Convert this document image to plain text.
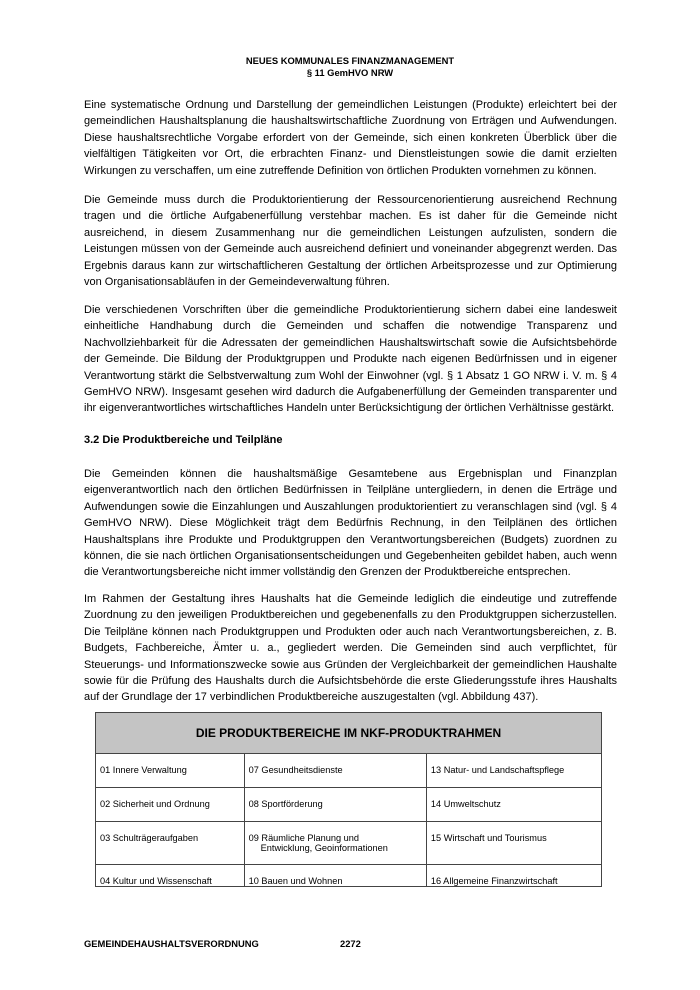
NEUES KOMMUNALES FINANZMANAGEMENT
§ 11 GemHVO NRW

Eine systematische Ordnung und Darstellung der gemeindlichen Leistungen (Produkte) erleichtert bei der gemeindlichen Haushaltsplanung die haushaltswirtschaftliche Zuordnung von Erträgen und Aufwendungen. Diese haushaltsrechtliche Vorgabe erfordert von der Gemeinde, sich einen konkreten Überblick über die vielfältigen Tätigkeiten vor Ort, die erbrachten Finanz- und Dienstleistungen sowie die damit erzielten Wirkungen zu verschaffen, um eine zutreffende Definition von örtlichen Produkten vornehmen zu können.

Die Gemeinde muss durch die Produktorientierung der Ressourcenorientierung ausreichend Rechnung tragen und die örtliche Aufgabenerfüllung verstehbar machen. Es ist daher für die Gemeinde nicht ausreichend, in diesem Zusammenhang nur die gemeindlichen Leistungen aufzulisten, sondern die Leistungen müssen von der Gemeinde auch ausreichend definiert und voneinander abgegrenzt werden. Das Ergebnis daraus kann zur wirtschaftlicheren Gestaltung der örtlichen Arbeitsprozesse und zur Optimierung von Organisationsabläufen in der Gemeindeverwaltung führen.

Die verschiedenen Vorschriften über die gemeindliche Produktorientierung sichern dabei eine landesweit einheitliche Handhabung durch die Gemeinden und schaffen die notwendige Transparenz und Nachvollziehbarkeit für die Adressaten der gemeindlichen Haushaltswirtschaft sowie die Aufsichtsbehörde der Gemeinde. Die Bildung der Produktgruppen und Produkte nach eigenen Bedürfnissen und in eigener Verantwortung stärkt die Selbstverwaltung zum Wohl der Einwohner (vgl. § 1 Absatz 1 GO NRW i. V. m. § 4 GemHVO NRW). Insgesamt gesehen wird dadurch die Aufgabenerfüllung der Gemeinden transparenter und ihr eigenverantwortliches wirtschaftliches Handeln unter Berücksichtigung der örtlichen Verhältnisse gestärkt.

3.2 Die Produktbereiche und Teilpläne

Die Gemeinden können die haushaltsmäßige Gesamtebene aus Ergebnisplan und Finanzplan eigenverantwortlich nach den örtlichen Bedürfnissen in Teilpläne untergliedern, in denen die Erträge und Aufwendungen sowie die Einzahlungen und Auszahlungen produktorientiert zu veranschlagen sind (vgl. § 4 GemHVO NRW). Diese Möglichkeit trägt dem Bedürfnis Rechnung, in den Teilplänen des örtlichen Haushaltsplans ihre Produkte und Produktgruppen den Verantwortungsbereichen (Budgets) zuordnen zu können, die sie nach örtlichen Organisationsentscheidungen und Gegebenheiten gebildet haben, auch wenn die Verantwortungsbereiche nicht immer vollständig den Grenzen der Produktbereiche entsprechen.

Im Rahmen der Gestaltung ihres Haushalts hat die Gemeinde lediglich die eindeutige und zutreffende Zuordnung zu den jeweiligen Produktbereichen und gegebenenfalls zu den Produktgruppen sicherzustellen. Die Teilpläne können nach Produktgruppen und Produkten oder auch nach Verantwortungsbereichen, z. B. Budgets, Fachbereiche, Ämter u. a., gegliedert werden. Die Gemeinden sind auch verpflichtet, für Steuerungs- und Informationszwecke sowie aus Gründen der Vergleichbarkeit der gemeindlichen Haushalte sowie für die Prüfung des Haushalts durch die Aufsichtsbehörde die erste Gliederungsstufe ihres Haushalts auf der Grundlage der 17 verbindlichen Produktbereiche auszugestalten (vgl. Abbildung 437).

DIE PRODUKTBEREICHE IM NKF-PRODUKTRAHMEN		
01 Innere Verwaltung	07 Gesundheitsdienste	13 Natur- und Landschaftspflege
02 Sicherheit und Ordnung	08 Sportförderung	14 Umweltschutz
03 Schulträgeraufgaben	09 Räumliche Planung und
Entwicklung, Geoinformationen	15 Wirtschaft und Tourismus
04 Kultur und Wissenschaft	10 Bauen und Wohnen	16 Allgemeine Finanzwirtschaft
GEMEINDEHAUSHALTSVERORDNUNG	2272
